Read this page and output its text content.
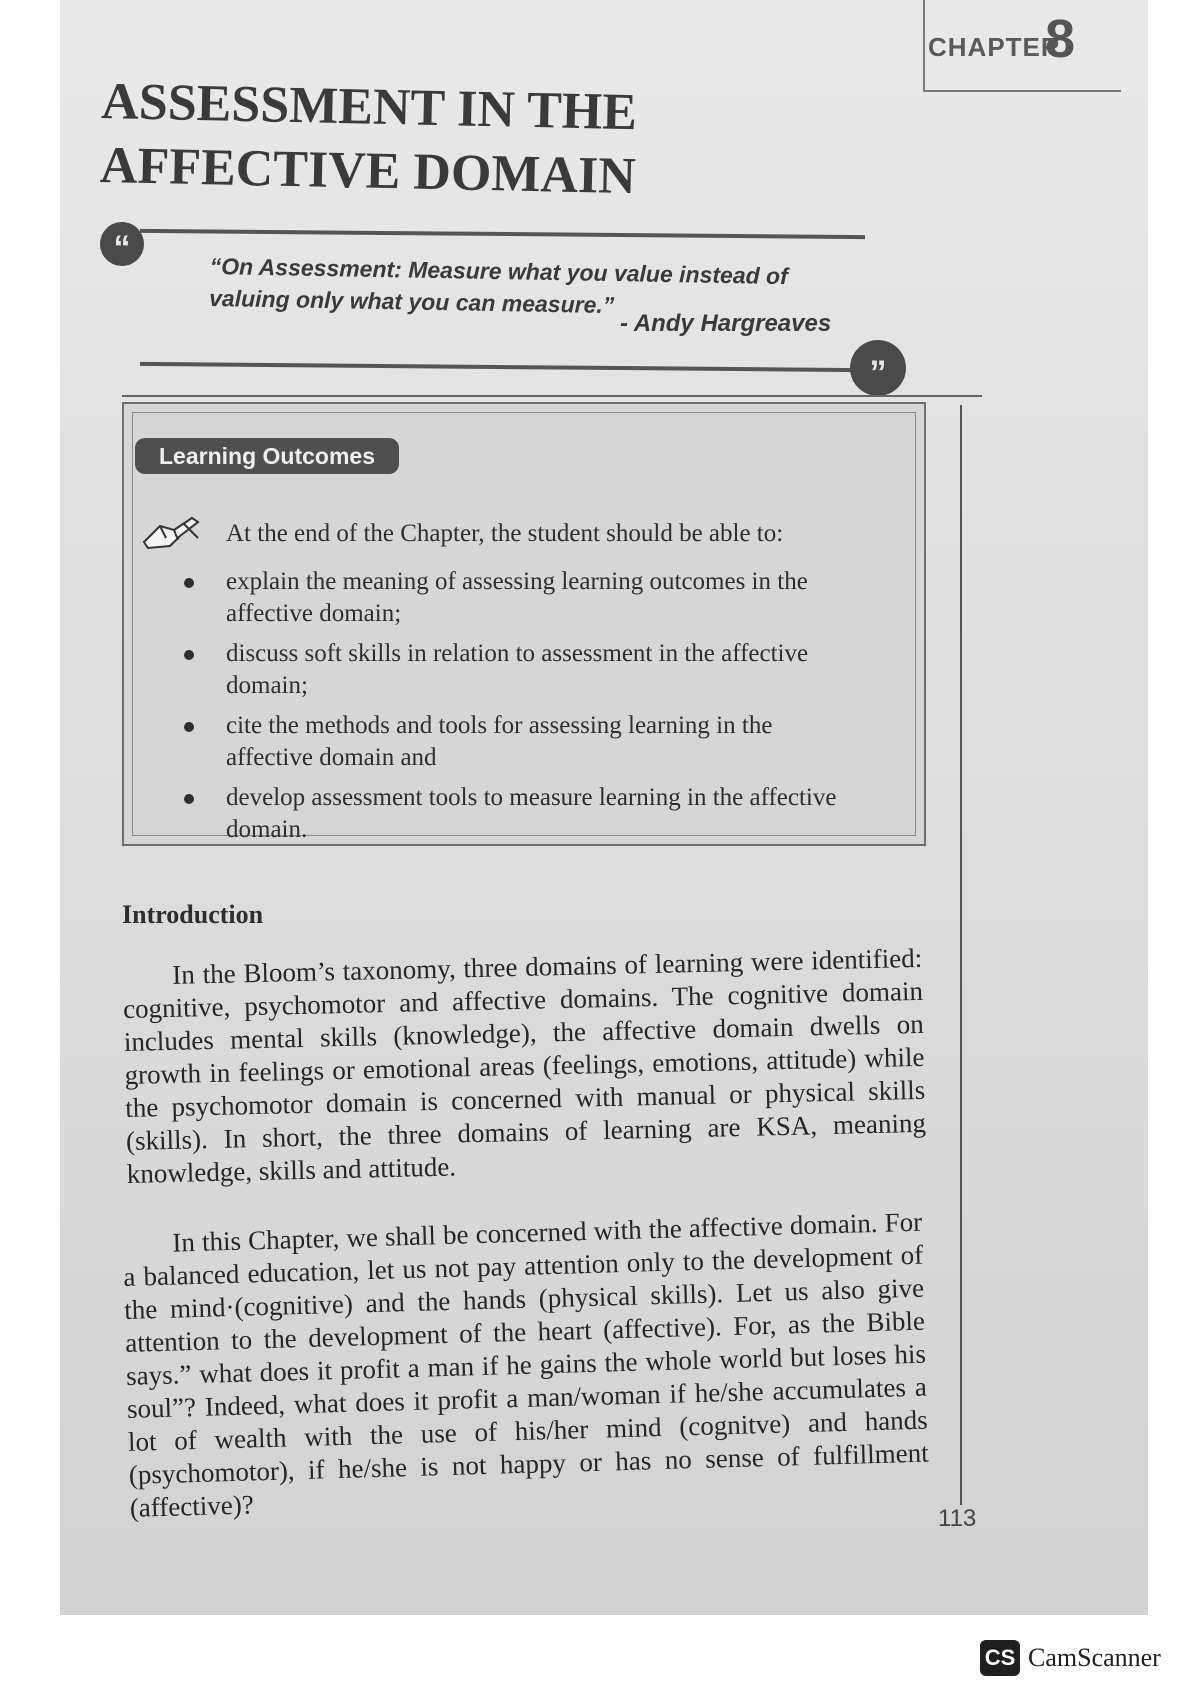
CHAPTER
8
ASSESSMENT IN THE AFFECTIVE DOMAIN
“

“On Assessment: Measure what you value instead of valuing only what you can measure.”

- Andy Hargreaves

”
Learning Outcomes

At the end of the Chapter, the student should be able to:

explain the meaning of assessing learning outcomes in the affective domain;
discuss soft skills in relation to assessment in the affective domain;
cite the methods and tools for assessing learning in the affective domain and
develop assessment tools to measure learning in the affective domain.
Introduction

In the Bloom’s taxonomy, three domains of learning were identified: cognitive, psychomotor and affective domains. The cognitive domain includes mental skills (knowledge), the affective domain dwells on growth in feelings or emotional areas (feelings, emotions, attitude) while the psychomotor domain is concerned with manual or physical skills (skills). In short, the three domains of learning are KSA, meaning knowledge, skills and attitude.

In this Chapter, we shall be concerned with the affective domain. For a balanced education, let us not pay attention only to the development of the mind·(cognitive) and the hands (physical skills). Let us also give attention to the development of the heart (affective). For, as the Bible says.” what does it profit a man if he gains the whole world but loses his soul”? Indeed, what does it profit a man/woman if he/she accumulates a lot of wealth with the use of his/her mind (cognitve) and hands (psychomotor), if he/she is not happy or has no sense of fulfillment (affective)?	113
CS CamScanner
